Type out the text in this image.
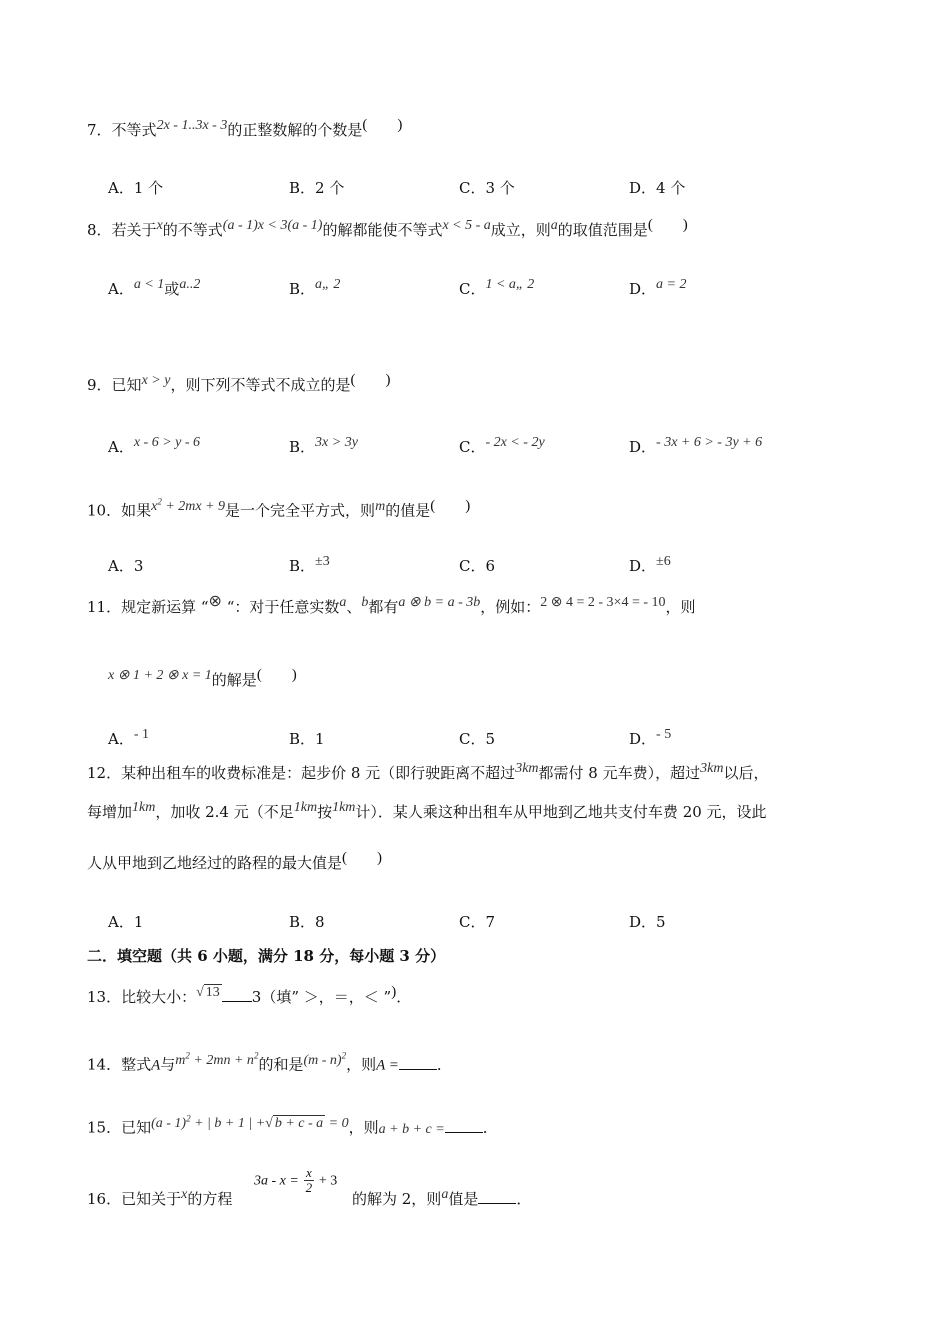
7．不等式2x - 1..3x - 3的正整数解的个数是(　　)
A．1 个	B．2 个	C．3 个	D．4 个
8．若关于x的不等式(a - 1)x < 3(a - 1)的解都能使不等式x < 5 - a成立，则a的取值范围是(　　)
A．a < 1或a..2	B．a„ 2	C．1 < a„ 2	D．a = 2
9．已知x > y，则下列不等式不成立的是(　　)
A．x - 6 > y - 6	B．3x > 3y	C．- 2x < - 2y	D．- 3x + 6 > - 3y + 6
10．如果$x^2 + 2mx + 9$是一个完全平方式，则m的值是(　　)
A．3	B．±3	C．6	D．±6
11．规定新运算 “⊗ “：对于任意实数a、b都有a ⊗ b = a - 3b，例如：2 ⊗ 4 = 2 - 3×4 = - 10，则
x ⊗ 1 + 2 ⊗ x = 1的解是(　　)
A．- 1	B．1	C．5	D．- 5
12．某种出租车的收费标准是：起步价 8 元（即行驶距离不超过3km都需付 8 元车费），超过3km以后，
每增加1km，加收 2.4 元（不足1km按1km计）．某人乘这种出租车从甲地到乙地共支付车费 20 元，设此
人从甲地到乙地经过的路程的最大值是(　　)
A．1	B．8	C．7	D．5
二．填空题（共 6 小题，满分 18 分，每小题 3 分）
13．比较大小：√ 13 3（填” ＞，＝，＜ ”)．
14．整式A与$m^2 + 2mn + n^2$的和是(m - n)$^2$，则A =	．
15．已知(a - 1)$^2$ + | b + 1 | +√ b + c - a = 0，则a + b + c =	．
16．已知关于x的方程
$3a - x = \frac{x}{2} + 3$
的解为 2，则a值是	．
